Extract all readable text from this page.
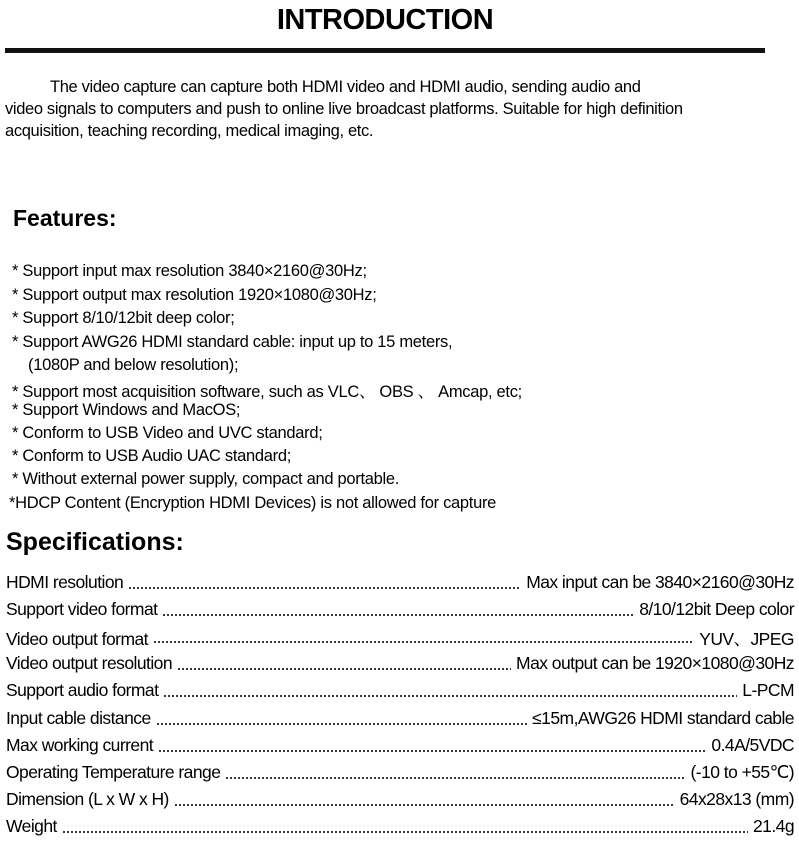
INTRODUCTION
The video capture can capture both HDMI video and HDMI audio, sending audio and
video signals to computers and push to online live broadcast platforms. Suitable for high definition
acquisition, teaching recording, medical imaging, etc.
Features:
* Support input max resolution 3840×2160@30Hz;
* Support output max resolution 1920×1080@30Hz;
* Support 8/10/12bit deep color;
* Support AWG26 HDMI standard cable: input up to 15 meters,
(1080P and below resolution);
* Support most acquisition software, such as VLC、 OBS 、 Amcap, etc;
* Support Windows and MacOS;
* Conform to USB Video and UVC standard;
* Conform to USB Audio UAC standard;
* Without external power supply, compact and portable.
*HDCP Content (Encryption HDMI Devices) is not allowed for capture
Specifications:
HDMI resolution	Max input can be 3840×2160@30Hz
Support video format	8/10/12bit Deep color
Video output format	YUV、JPEG
Video output resolution	Max output can be 1920×1080@30Hz
Support audio format	L-PCM
Input cable distance	≤15m,AWG26 HDMI standard cable
Max working current	0.4A/5VDC
Operating Temperature range	(-10 to +55℃)
Dimension (L x W x H)	64x28x13 (mm)
Weight	21.4g
